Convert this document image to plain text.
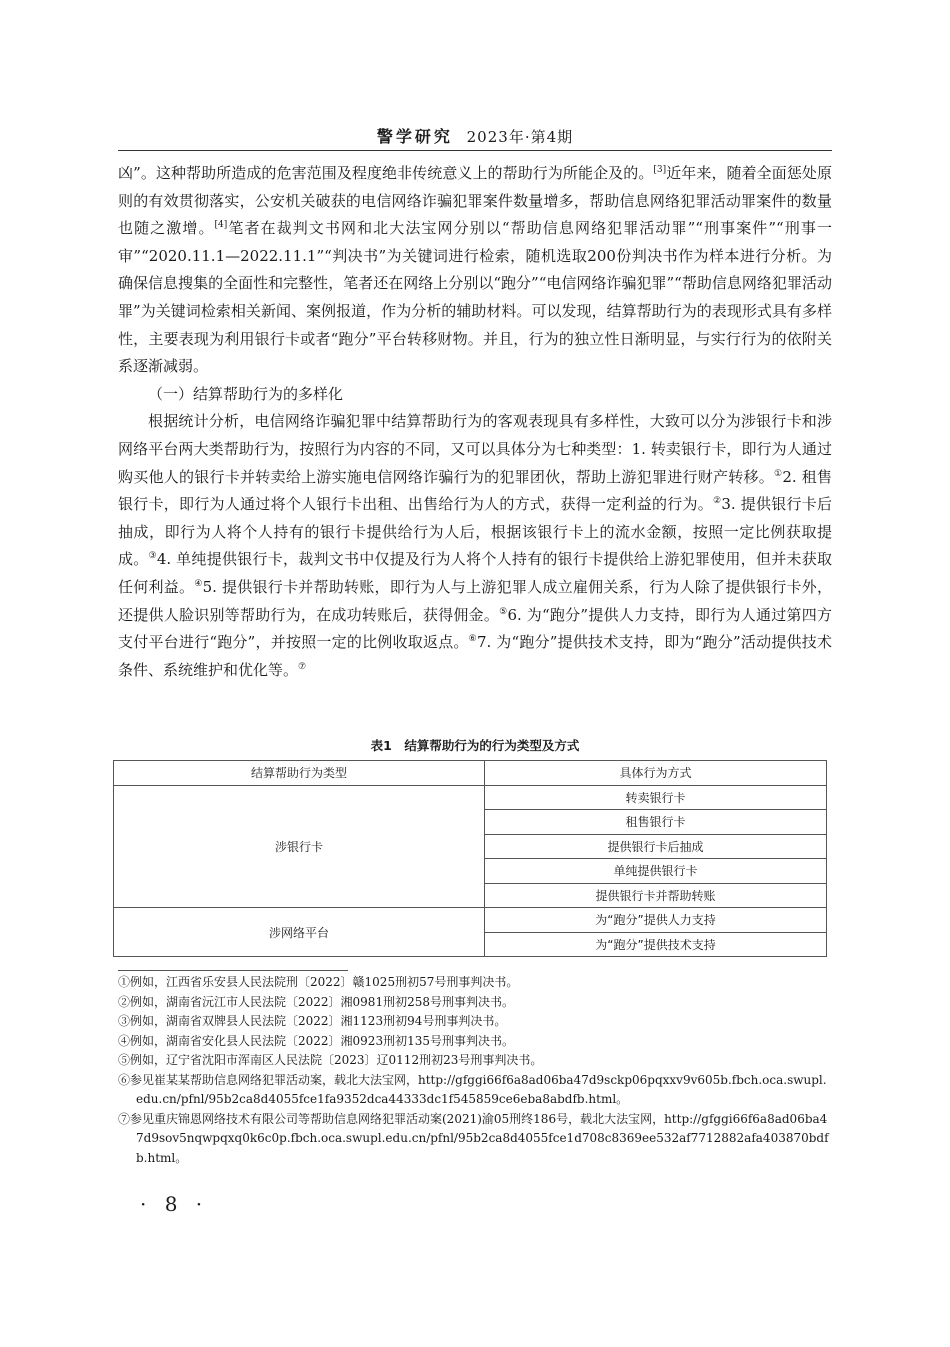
警学研究 2023年·第4期

凶”。这种帮助所造成的危害范围及程度绝非传统意义上的帮助行为所能企及的。[3]近年来，随着全面惩处原则的有效贯彻落实，公安机关破获的电信网络诈骗犯罪案件数量增多，帮助信息网络犯罪活动罪案件的数量也随之激增。[4]笔者在裁判文书网和北大法宝网分别以“帮助信息网络犯罪活动罪”“刑事案件”“刑事一审”“2020.11.1—2022.11.1”“判决书”为关键词进行检索，随机选取200份判决书作为样本进行分析。为确保信息搜集的全面性和完整性，笔者还在网络上分别以“跑分”“电信网络诈骗犯罪”“帮助信息网络犯罪活动罪”为关键词检索相关新闻、案例报道，作为分析的辅助材料。可以发现，结算帮助行为的表现形式具有多样性，主要表现为利用银行卡或者“跑分”平台转移财物。并且，行为的独立性日渐明显，与实行行为的依附关系逐渐减弱。

（一）结算帮助行为的多样化

根据统计分析，电信网络诈骗犯罪中结算帮助行为的客观表现具有多样性，大致可以分为涉银行卡和涉网络平台两大类帮助行为，按照行为内容的不同，又可以具体分为七种类型：1. 转卖银行卡，即行为人通过购买他人的银行卡并转卖给上游实施电信网络诈骗行为的犯罪团伙，帮助上游犯罪进行财产转移。①2. 租售银行卡，即行为人通过将个人银行卡出租、出售给行为人的方式，获得一定利益的行为。②3. 提供银行卡后抽成，即行为人将个人持有的银行卡提供给行为人后，根据该银行卡上的流水金额，按照一定比例获取提成。③4. 单纯提供银行卡，裁判文书中仅提及行为人将个人持有的银行卡提供给上游犯罪使用，但并未获取任何利益。④5. 提供银行卡并帮助转账，即行为人与上游犯罪人成立雇佣关系，行为人除了提供银行卡外，还提供人脸识别等帮助行为，在成功转账后，获得佣金。⑤6. 为“跑分”提供人力支持，即行为人通过第四方支付平台进行“跑分”，并按照一定的比例收取返点。⑥7. 为“跑分”提供技术支持，即为“跑分”活动提供技术条件、系统维护和优化等。⑦

表1　结算帮助行为的行为类型及方式
结算帮助行为类型	具体行为方式
涉银行卡	转卖银行卡
	租售银行卡
	提供银行卡后抽成
	单纯提供银行卡
	提供银行卡并帮助转账
涉网络平台	为“跑分”提供人力支持
	为“跑分”提供技术支持

①例如，江西省乐安县人民法院刑〔2022〕赣1025刑初57号刑事判决书。

②例如，湖南省沅江市人民法院〔2022〕湘0981刑初258号刑事判决书。

③例如，湖南省双牌县人民法院〔2022〕湘1123刑初94号刑事判决书。

④例如，湖南省安化县人民法院〔2022〕湘0923刑初135号刑事判决书。

⑤例如，辽宁省沈阳市浑南区人民法院〔2023〕辽0112刑初23号刑事判决书。

⑥参见崔某某帮助信息网络犯罪活动案，载北大法宝网，http://gfggi66f6a8ad06ba47d9sckp06pqxxv9v605b.fbch.oca.swupl.edu.cn/pfnl/95b2ca8d4055fce1fa9352dca44333dc1f545859ce6eba8abdfb.html。

⑦参见重庆锦恩网络技术有限公司等帮助信息网络犯罪活动案(2021)渝05刑终186号，载北大法宝网，http://gfggi66f6a8ad06ba47d9sov5nqwpqxq0k6c0p.fbch.oca.swupl.edu.cn/pfnl/95b2ca8d4055fce1d708c8369ee532af7712882afa403870bdfb.html。

· 8 ·
